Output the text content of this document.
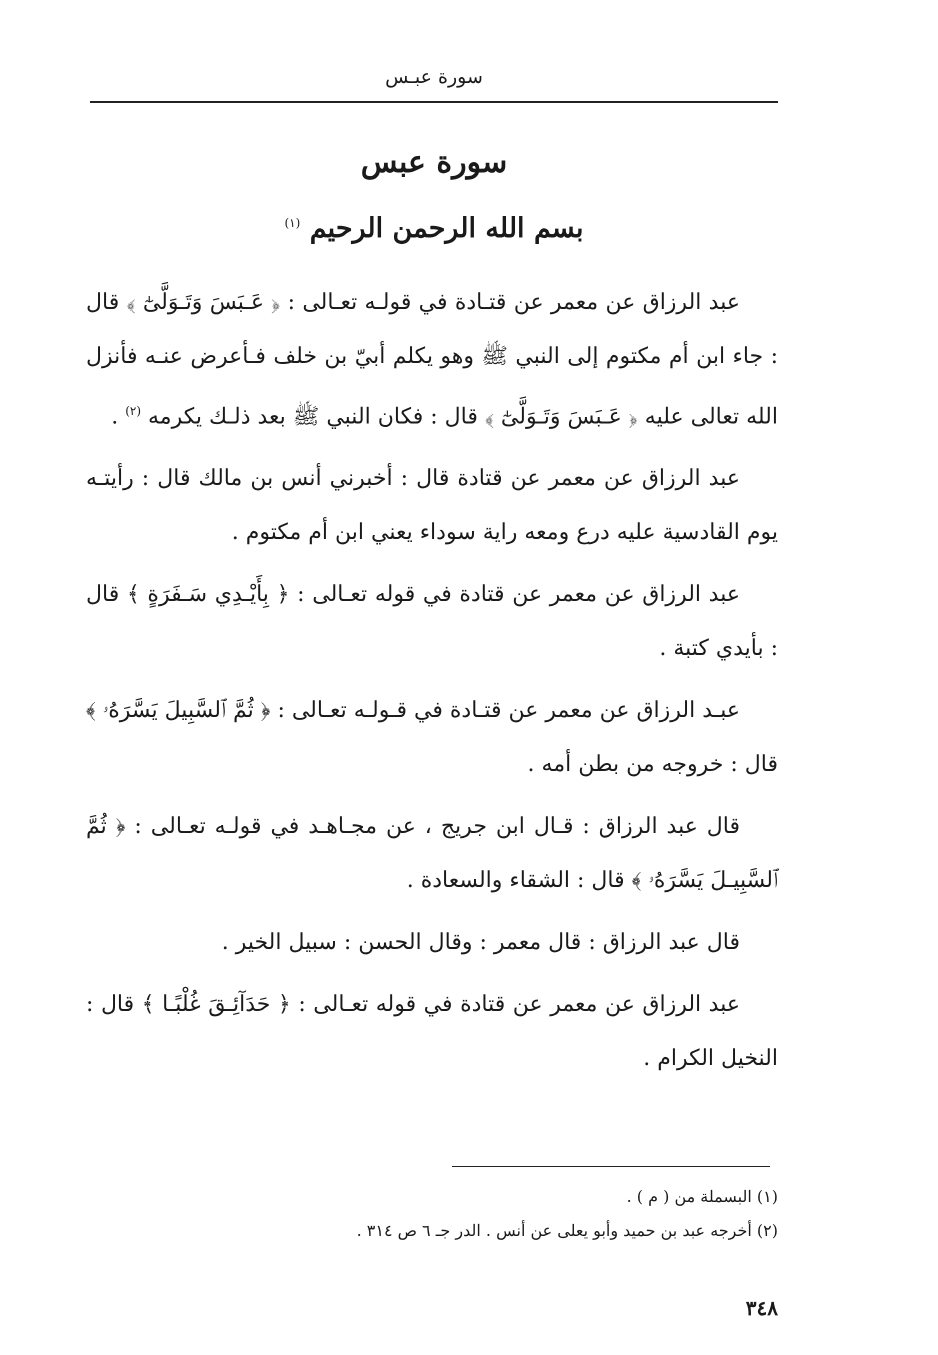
سورة عبـس
سورة عبس
بسم الله الرحمن الرحيم $^{(١)}$

عبد الرزاق عن معمر عن قتـادة في قولـه تعـالى : ﴿ عَـبَسَ وَتَـوَلَّىٰٓ ﴾ قال : جاء ابن أم مكتوم إلى النبي ﷺ وهو يكلم أبيّ بن خلف فـأعرض عنـه فأنزل الله تعالى عليه ﴿ عَـبَسَ وَتَـوَلَّىٰٓ ﴾ قال : فكان النبي ﷺ بعد ذلـك يكرمه $^{(٢)}$ .

عبد الرزاق عن معمر عن قتادة قال : أخبرني أنس بن مالك قال : رأيتـه يوم القادسية عليه درع ومعه راية سوداء يعني ابن أم مكتوم .

عبد الرزاق عن معمر عن قتادة في قوله تعـالى : ﴿ بِأَيْـدِي سَـفَرَةٍ ﴾ قال : بأيدي كتبة .

عبـد الرزاق عن معمر عن قتـادة في قـولـه تعـالى : ﴿ ثُمَّ ٱلسَّبِيلَ يَسَّرَهُۥ ﴾ قال : خروجه من بطن أمه .

قال عبد الرزاق : قـال ابن جريج ، عن مجـاهـد في قولـه تعـالى : ﴿ ثُمَّ ٱلسَّبِيـلَ يَسَّرَهُۥ ﴾ قال : الشقاء والسعادة .

قال عبد الرزاق : قال معمر : وقال الحسن : سبيل الخير .

عبد الرزاق عن معمر عن قتادة في قوله تعـالى : ﴿ حَدَآئِـقَ غُلْبًـا ﴾ قال : النخيل الكرام .

(١) البسملة من ( م ) .

(٢) أخرجه عبد بن حميد وأبو يعلى عن أنس . الدر جـ ٦ ص ٣١٤ .

٣٤٨
